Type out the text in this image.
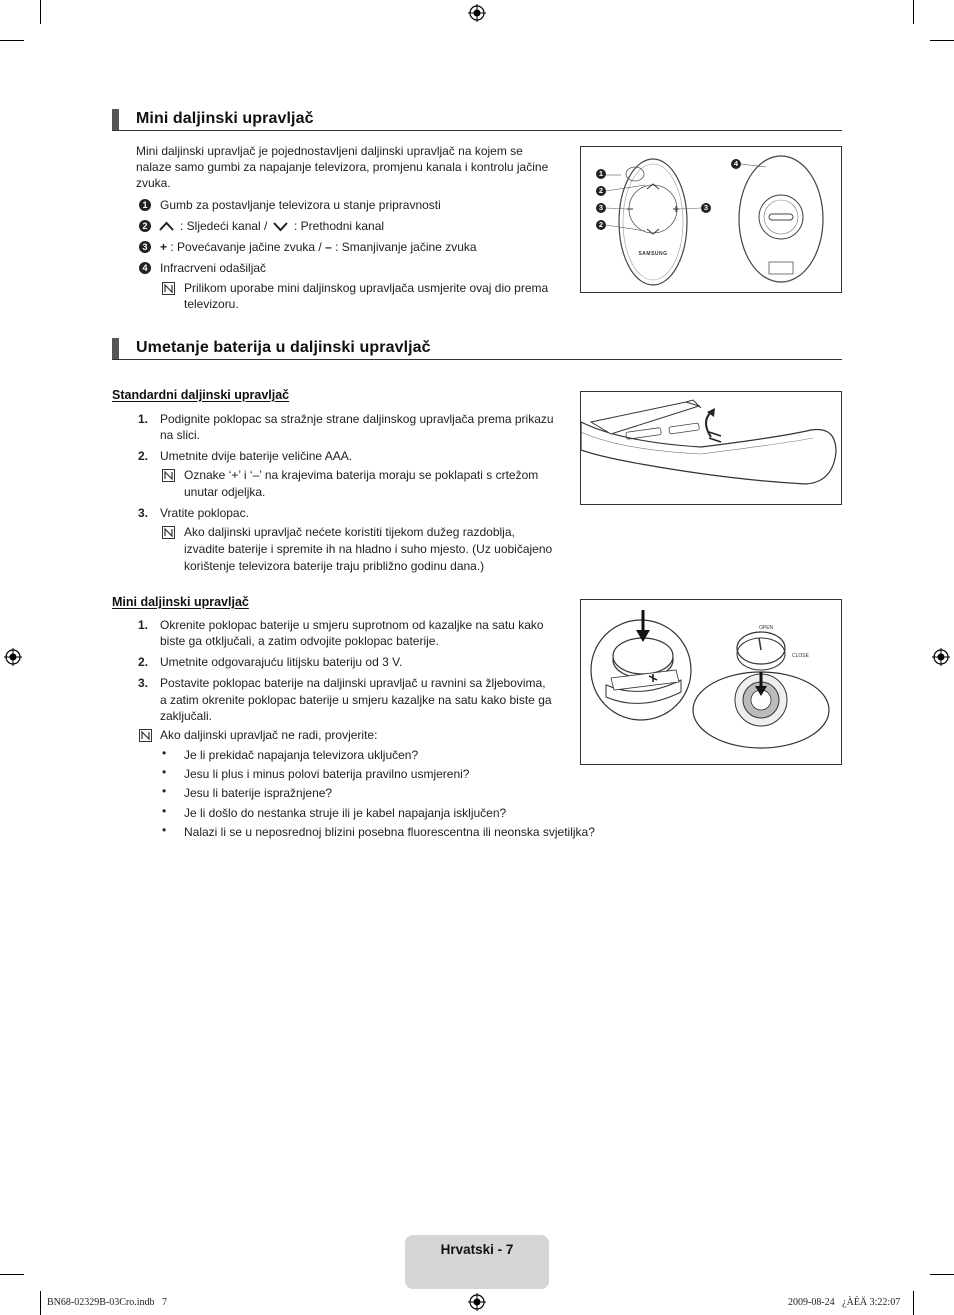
Mini daljinski upravljač
Mini daljinski upravljač je pojednostavljeni daljinski upravljač na kojem se
nalaze samo gumbi za napajanje televizora, promjenu kanala i kontrolu jačine
zvuka.
1 Gumb za postavljanje televizora u stanje pripravnosti
2	: Sljedeći kanal / : Prethodni kanal
3 + : Povećavanje jačine zvuka / – : Smanjivanje jačine zvuka
4 Infracrveni odašiljač
Prilikom uporabe mini daljinskog upravljača usmjerite ovaj dio prema
televizoru.
1
2
3
2
3
4
SAMSUNG
Umetanje baterija u daljinski upravljač
Standardni daljinski upravljač
1. Podignite poklopac sa stražnje strane daljinskog upravljača prema prikazu
na slici.
2. Umetnite dvije baterije veličine AAA.
Oznake ‘+’ i ‘–’ na krajevima baterija moraju se poklapati s crtežom
unutar odjeljka.
3. Vratite poklopac.
Ako daljinski upravljač nećete koristiti tijekom dužeg razdoblja,
izvadite baterije i spremite ih na hladno i suho mjesto. (Uz uobičajeno
korištenje televizora baterije traju približno godinu dana.)
Mini daljinski upravljač
1. Okrenite poklopac baterije u smjeru suprotnom od kazaljke na satu kako
biste ga otključali, a zatim odvojite poklopac baterije.
2. Umetnite odgovarajuću litijsku bateriju od 3 V.
3. Postavite poklopac baterije na daljinski upravljač u ravnini sa žljebovima,
a zatim okrenite poklopac baterije u smjeru kazaljke na satu kako biste ga
zaključali.
Ako daljinski upravljač ne radi, provjerite:
• Je li prekidač napajanja televizora uključen?
• Jesu li plus i minus polovi baterija pravilno usmjereni?
• Jesu li baterije ispražnjene?
• Je li došlo do nestanka struje ili je kabel napajanja isključen?
• Nalazi li se u neposrednoj blizini posebna fluorescentna ili neonska svjetiljka?
OPEN
CLOSE
Hrvatski - 7
BN68-02329B-03Cro.indb   7	2009-08-24   ¿ÀÈÄ 3:22:07
